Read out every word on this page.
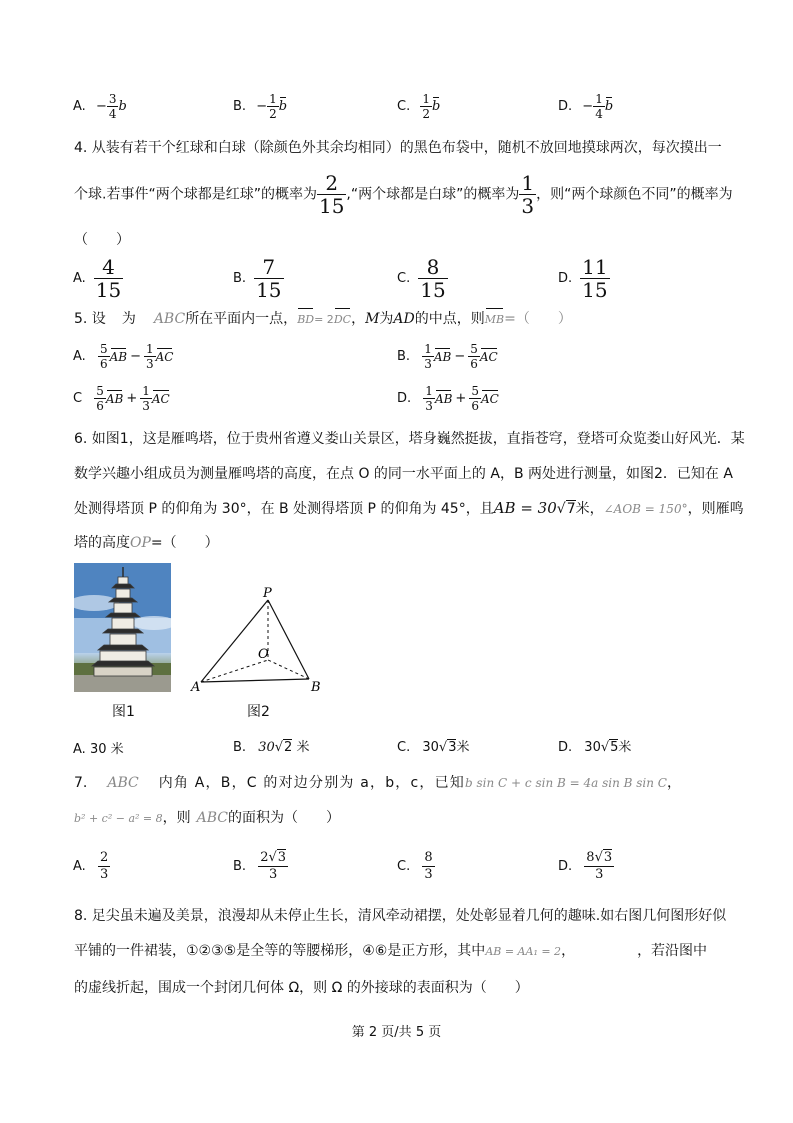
A. − $\frac{3}{4}$ b	B. − $\frac{1}{2}$ b	C. $\frac{1}{2}$ b	D. − $\frac{1}{4}$ b
4. 从装有若干个红球和白球（除颜色外其余均相同）的黑色布袋中，随机不放回地摸球两次，每次摸出一
个球.若事件“两个球都是红球”的概率为 $\frac{2}{15}$ ,“两个球都是白球”的概率为 $\frac{1}{3}$ ，则“两个球颜色不同”的概率为
（　　）
A. $\frac{4}{15}$	B. $\frac{7}{15}$	C. $\frac{8}{15}$	D. $\frac{11}{15}$
5. 设 为 ABC所在平面内一点，BD= 2DC，M为AD的中点，则MB=（　　）
A. $\frac{5}{6}$ AB − $\frac{1}{3}$ AC	B. $\frac{1}{3}$ AB − $\frac{5}{6}$ AC
C $\frac{5}{6}$ AB + $\frac{1}{3}$ AC	D. $\frac{1}{3}$ AB + $\frac{5}{6}$ AC
6. 如图1，这是雁鸣塔，位于贵州省遵义娄山关景区，塔身巍然挺拔，直指苍穹，登塔可众览娄山好风光．某
数学兴趣小组成员为测量雁鸣塔的高度，在点 O 的同一水平面上的 A，B 两处进行测量，如图2．已知在 A
处测得塔顶 P 的仰角为 30°，在 B 处测得塔顶 P 的仰角为 45°，且AB = 30√7米，∠AOB = 150°，则雁鸣
塔的高度OP=（　　）
图1
P
O
A	B
图2
A. 30 米	B. 30√2 米	C. 30√3米	D. 30√5米
7. ABC 内角 A，B，C 的对边分别为 a，b，c，已知b sin C + c sin B = 4a sin B sin C，
b² + c² − a² = 8，则 ABC的面积为（　　）
A. $\frac{2}{3}$	B. $\frac{2√3}{3}$	C. $\frac{8}{3}$	D. $\frac{8√3}{3}$
8. 足尖虽未遍及美景，浪漫却从未停止生长，清风牵动裙摆，处处彰显着几何的趣味.如右图几何图形好似
平铺的一件裙装，①②③⑤是全等的等腰梯形，④⑥是正方形，其中AB = AA₁ = 2，	，若沿图中
的虚线折起，围成一个封闭几何体 Ω，则 Ω 的外接球的表面积为（　　）
第 2 页/共 5 页
